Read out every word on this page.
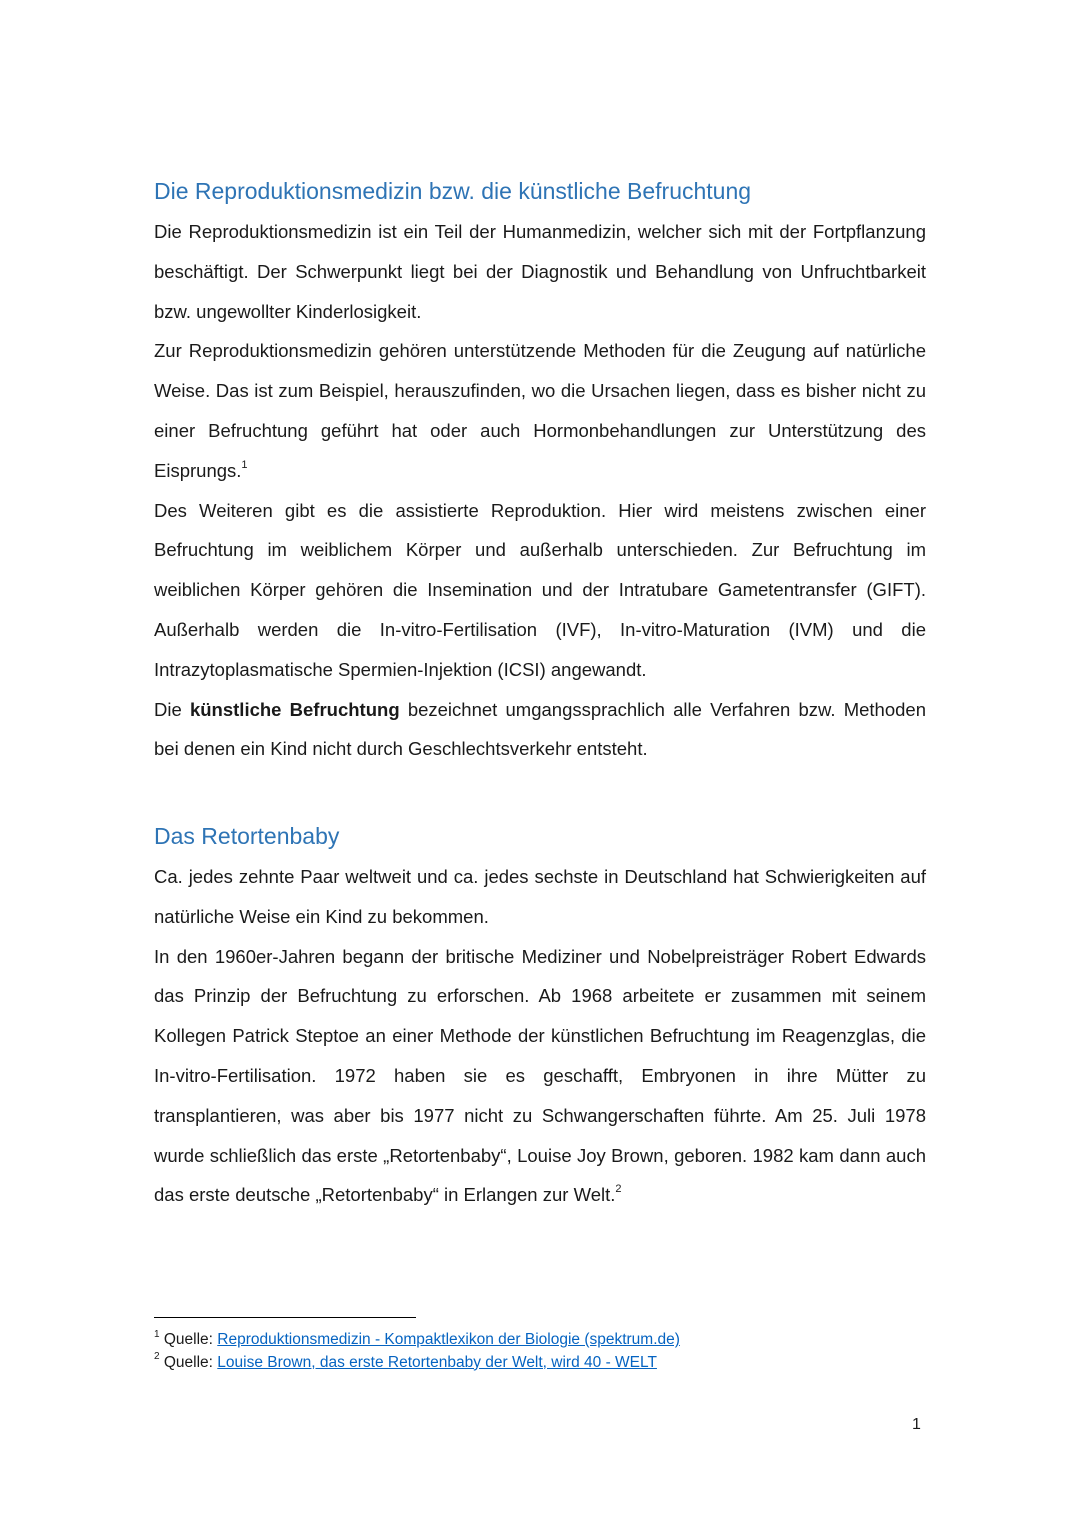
Die Reproduktionsmedizin bzw. die künstliche Befruchtung

Die Reproduktionsmedizin ist ein Teil der Humanmedizin, welcher sich mit der Fortpflanzung beschäftigt. Der Schwerpunkt liegt bei der Diagnostik und Behandlung von Unfruchtbarkeit bzw. ungewollter Kinderlosigkeit.

Zur Reproduktionsmedizin gehören unterstützende Methoden für die Zeugung auf natürliche Weise. Das ist zum Beispiel, herauszufinden, wo die Ursachen liegen, dass es bisher nicht zu einer Befruchtung geführt hat oder auch Hormonbehandlungen zur Unterstützung des Eisprungs.$^1$

Des Weiteren gibt es die assistierte Reproduktion. Hier wird meistens zwischen einer Befruchtung im weiblichem Körper und außerhalb unterschieden. Zur Befruchtung im weiblichen Körper gehören die Insemination und der Intratubare Gametentransfer (GIFT). Außerhalb werden die In-vitro-Fertilisation (IVF), In-vitro-Maturation (IVM) und die Intrazytoplasmatische Spermien-Injektion (ICSI) angewandt.

Die künstliche Befruchtung bezeichnet umgangssprachlich alle Verfahren bzw. Methoden bei denen ein Kind nicht durch Geschlechtsverkehr entsteht.

Das Retortenbaby

Ca. jedes zehnte Paar weltweit und ca. jedes sechste in Deutschland hat Schwierigkeiten auf natürliche Weise ein Kind zu bekommen.

In den 1960er-Jahren begann der britische Mediziner und Nobelpreisträger Robert Edwards das Prinzip der Befruchtung zu erforschen. Ab 1968 arbeitete er zusammen mit seinem Kollegen Patrick Steptoe an einer Methode der künstlichen Befruchtung im Reagenzglas, die In-vitro-Fertilisation. 1972 haben sie es geschafft, Embryonen in ihre Mütter zu transplantieren, was aber bis 1977 nicht zu Schwangerschaften führte. Am 25. Juli 1978 wurde schließlich das erste „Retortenbaby“, Louise Joy Brown, geboren. 1982 kam dann auch das erste deutsche „Retortenbaby“ in Erlangen zur Welt.$^2$

$^1$ Quelle: Reproduktionsmedizin - Kompaktlexikon der Biologie (spektrum.de)
$^2$ Quelle: Louise Brown, das erste Retortenbaby der Welt, wird 40 - WELT
1
